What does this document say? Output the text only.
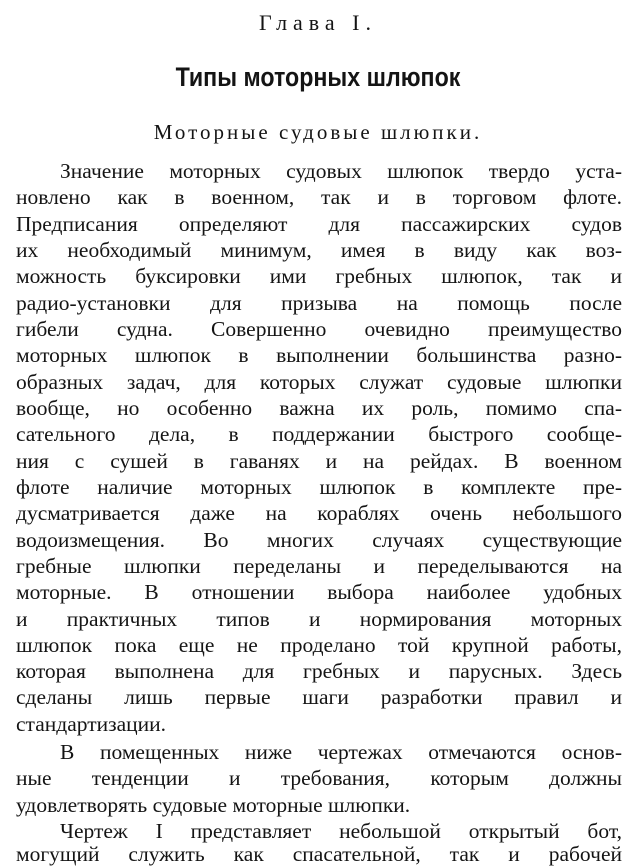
Глава I.
Типы моторных шлюпок
Моторные судовые шлюпки.
Значение моторных судовых шлюпок твердо уста-
новлено как в военном, так и в торговом флоте.
Предписания определяют для пассажирских судов
их необходимый минимум, имея в виду как воз-
можность буксировки ими гребных шлюпок, так и
радио-установки для призыва на помощь после
гибели судна. Совершенно очевидно преимущество
моторных шлюпок в выполнении большинства разно-
образных задач, для которых служат судовые шлюпки
вообще, но особенно важна их роль, помимо спа-
сательного дела, в поддержании быстрого сообще-
ния с сушей в гаванях и на рейдах. В военном
флоте наличие моторных шлюпок в комплекте пре-
дусматривается даже на кораблях очень небольшого
водоизмещения. Во многих случаях существующие
гребные шлюпки переделаны и переделываются на
моторные. В отношении выбора наиболее удобных
и практичных типов и нормирования моторных
шлюпок пока еще не проделано той крупной работы,
которая выполнена для гребных и парусных. Здесь
сделаны лишь первые шаги разработки правил и
стандартизации.
В помещенных ниже чертежах отмечаются основ-
ные тенденции и требования, которым должны
удовлетворять судовые моторные шлюпки.
Чертеж I представляет небольшой открытый бот,
могущий служить как спасательной, так и рабочей
